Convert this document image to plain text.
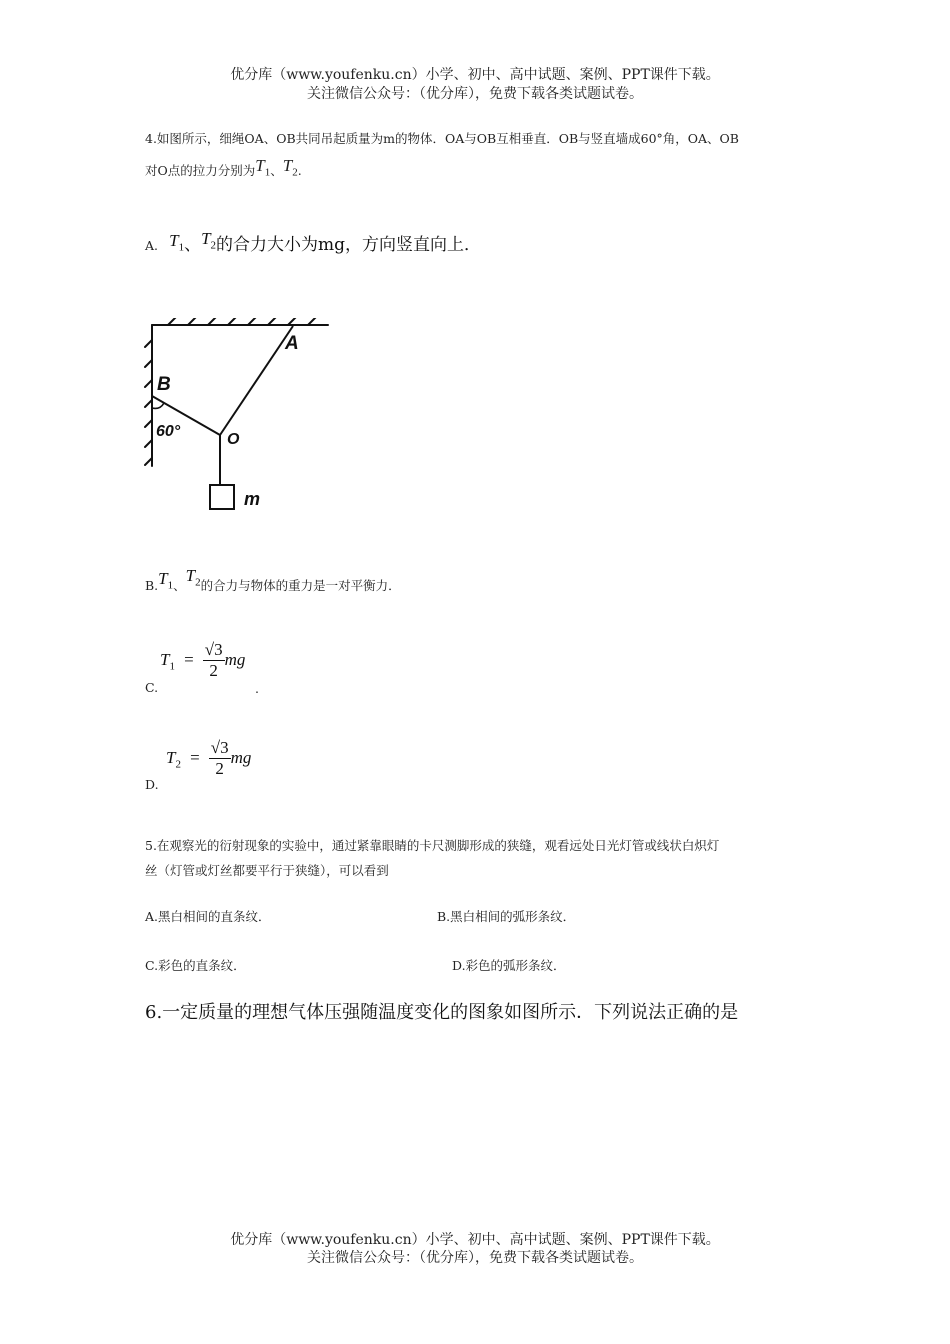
优分库（www.youfenku.cn）小学、初中、高中试题、案例、PPT课件下载。
关注微信公众号：（优分库），免费下载各类试题试卷。
4.如图所示，细绳OA、OB共同吊起质量为m的物体．OA与OB互相垂直．OB与竖直墙成60°角，OA、OB
对O点的拉力分别为$T_1$、$T_2$.
A. $T_1$、$T_2$的合力大小为mg，方向竖直向上．
A
B
O
m
60°
$B.T_1$、$T_2$的合力与物体的重力是一对平衡力．
C.
$T_1 = \frac{√3}{2}$ mg
.
D.
$T_2 = \frac{√3}{2}$ mg
5.在观察光的衍射现象的实验中，通过紧靠眼睛的卡尺测脚形成的狭缝，观看远处日光灯管或线状白炽灯
丝（灯管或灯丝都要平行于狭缝），可以看到
A.黑白相间的直条纹．	B.黑白相间的弧形条纹．
C.彩色的直条纹．	D.彩色的弧形条纹．
6.一定质量的理想气体压强随温度变化的图象如图所示．下列说法正确的是
优分库（www.youfenku.cn）小学、初中、高中试题、案例、PPT课件下载。
关注微信公众号：（优分库），免费下载各类试题试卷。
